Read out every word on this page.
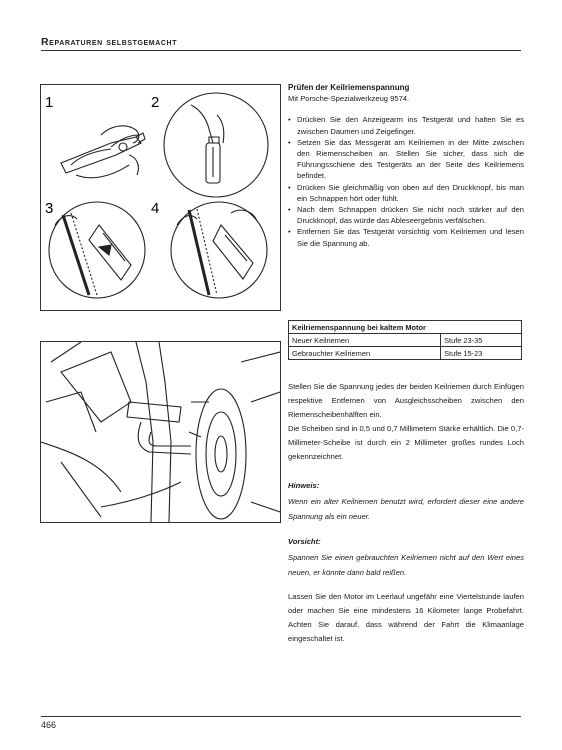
Reparaturen selbstgemacht
1	2
3	4
Prüfen der Keilriemenspannung
Mit Porsche-Spezialwerkzeug 9574.
• Drücken Sie den Anzeigearm ins Testgerät und halten Sie es zwischen Daumen und Zeigefinger.
• Setzen Sie das Messgerät am Keilriemen in der Mitte zwischen den Riemenscheiben an. Stellen Sie sicher, dass sich die Führungsschiene des Testgeräts an der Seite des Keilriemens befindet.
• Drücken Sie gleichmäßig von oben auf den Druckknopf, bis man ein Schnappen hört oder fühlt.
• Nach dem Schnappen drücken Sie nicht noch stärker auf den Druckknopf, das würde das Ableseergebnis verfälschen.
• Entfernen Sie das Testgerät vorsichtig vom Keilriemen und lesen Sie die Spannung ab.
Keilriemenspannung bei kaltem Motor	
Neuer Keilriemen	Stufe 23-35
Gebrauchter Keilriemen	Stufe 15-23
Stellen Sie die Spannung jedes der beiden Keilriemen durch Einfügen respektive Entfernen von Ausgleichsscheiben zwischen den Riemenscheibenhälften ein.
Die Scheiben sind in 0,5 und 0,7 Millimetern Stärke erhältlich. Die 0,7-Millimeter-Scheibe ist durch ein 2 Millimeter großes rundes Loch gekennzeichnet.
Hinweis:
Wenn ein alter Keilriemen benutzt wird, erfordert dieser eine andere Spannung als ein neuer.
Vorsicht:
Spannen Sie einen gebrauchten Keilriemen nicht auf den Wert eines neuen, er könnte dann bald reißen.
Lassen Sie den Motor im Leerlauf ungefähr eine Viertelstunde laufen oder machen Sie eine mindestens 16 Kilometer lange Probefahrt. Achten Sie darauf, dass während der Fahrt die Klimaanlage eingeschaltet ist.
466
